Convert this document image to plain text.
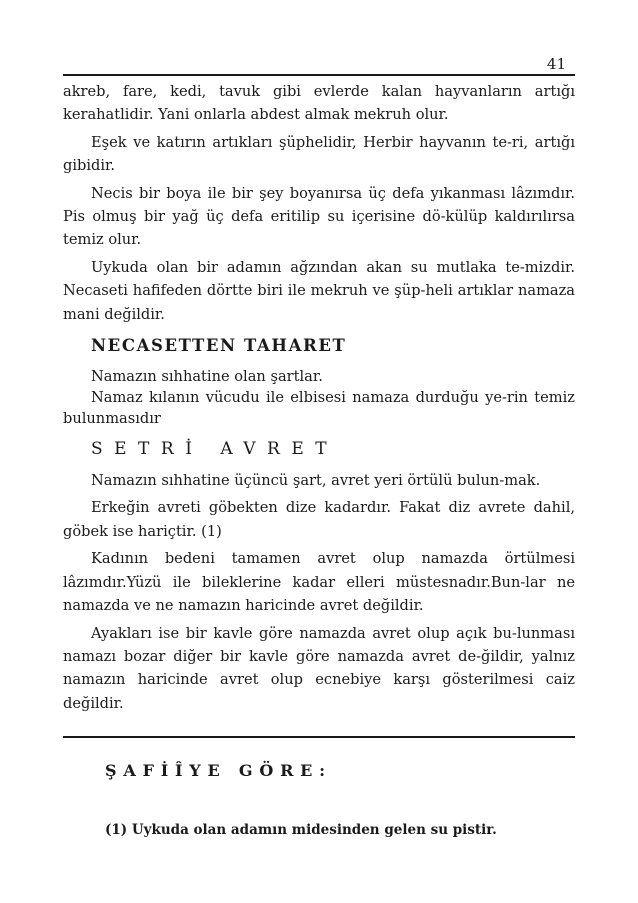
41

akreb, fare, kedi, tavuk gibi evlerde kalan hayvanların artığı kerahatlidir. Yani onlarla abdest almak mekruh olur.

Eşek ve katırın artıkları şüphelidir, Herbir hayvanın te-ri, artığı gibidir.

Necis bir boya ile bir şey boyanırsa üç defa yıkanması lâzımdır. Pis olmuş bir yağ üç defa eritilip su içerisine dö-külüp kaldırılırsa temiz olur.

Uykuda olan bir adamın ağzından akan su mutlaka te-mizdir. Necaseti hafifeden dörtte biri ile mekruh ve şüp-heli artıklar namaza mani değildir.

NECASETTEN TAHARET

Namazın sıhhatine olan şartlar.

Namaz kılanın vücudu ile elbisesi namaza durduğu ye-rin temiz bulunmasıdır

SETRİ AVRET

Namazın sıhhatine üçüncü şart, avret yeri örtülü bulun-mak.

Erkeğin avreti göbekten dize kadardır. Fakat diz avrete dahil, göbek ise hariçtir. (1)

Kadının bedeni tamamen avret olup namazda örtülmesi lâzımdır.Yüzü ile bileklerine kadar elleri müstesnadır.Bun-lar ne namazda ve ne namazın haricinde avret değildir.

Ayakları ise bir kavle göre namazda avret olup açık bu-lunması namazı bozar diğer bir kavle göre namazda avret de-ğildir, yalnız namazın haricinde avret olup ecnebiye karşı gösterilmesi caiz değildir.

ŞAFİÎYE GÖRE:
(1) Uykuda olan adamın midesinden gelen su pistir.
